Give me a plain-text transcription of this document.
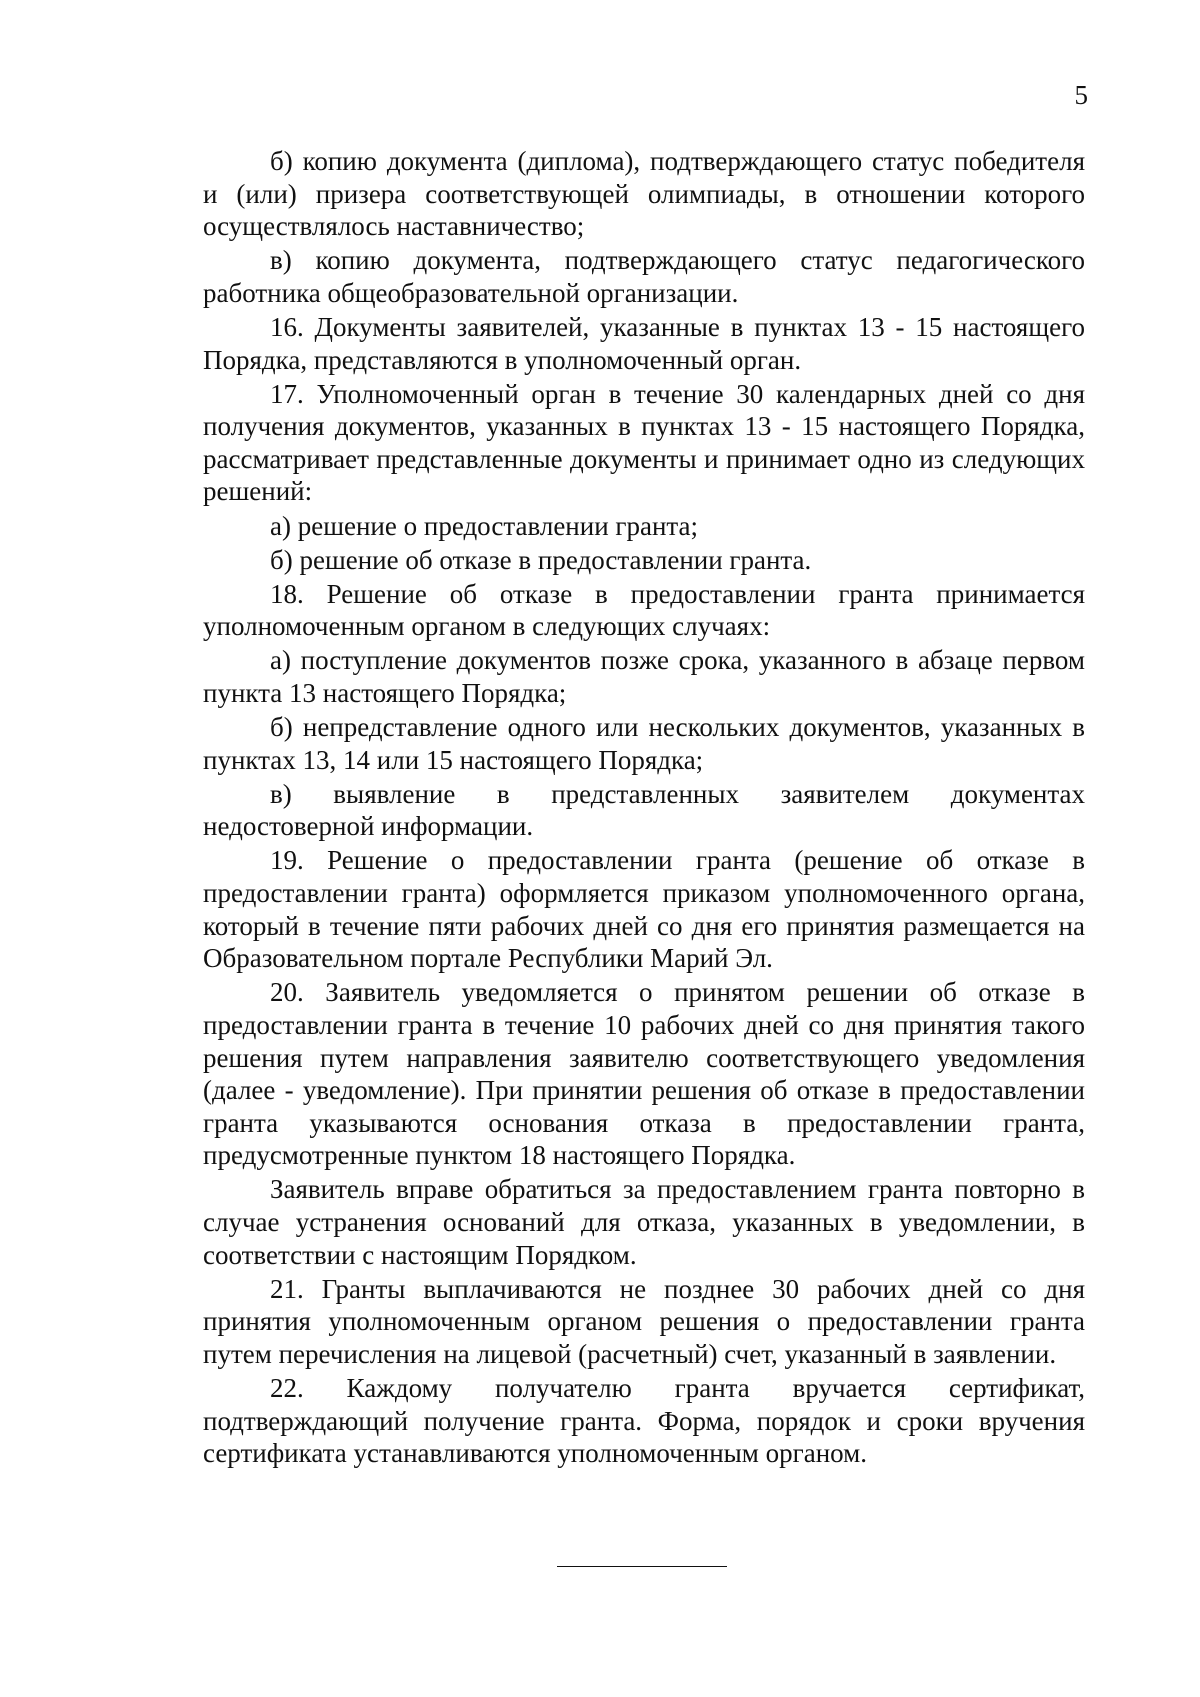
5

б) копию документа (диплома), подтверждающего статус победителя и (или) призера соответствующей олимпиады, в отношении которого осуществлялось наставничество;

в) копию документа, подтверждающего статус педагогического работника общеобразовательной организации.

16. Документы заявителей, указанные в пунктах 13 - 15 настоящего Порядка, представляются в уполномоченный орган.

17. Уполномоченный орган в течение 30 календарных дней со дня получения документов, указанных в пунктах 13 - 15 настоящего Порядка, рассматривает представленные документы и принимает одно из следующих решений:

а) решение о предоставлении гранта;

б) решение об отказе в предоставлении гранта.

18. Решение об отказе в предоставлении гранта принимается уполномоченным органом в следующих случаях:

а) поступление документов позже срока, указанного в абзаце первом пункта 13 настоящего Порядка;

б) непредставление одного или нескольких документов, указанных в пунктах 13, 14 или 15 настоящего Порядка;

в) выявление в представленных заявителем документах недостоверной информации.

19. Решение о предоставлении гранта (решение об отказе в предоставлении гранта) оформляется приказом уполномоченного органа, который в течение пяти рабочих дней со дня его принятия размещается на Образовательном портале Республики Марий Эл.

20. Заявитель уведомляется о принятом решении об отказе в предоставлении гранта в течение 10 рабочих дней со дня принятия такого решения путем направления заявителю соответствующего уведомления (далее - уведомление). При принятии решения об отказе в предоставлении гранта указываются основания отказа в предоставлении гранта, предусмотренные пунктом 18 настоящего Порядка.

Заявитель вправе обратиться за предоставлением гранта повторно в случае устранения оснований для отказа, указанных в уведомлении, в соответствии с настоящим Порядком.

21. Гранты выплачиваются не позднее 30 рабочих дней со дня принятия уполномоченным органом решения о предоставлении гранта путем перечисления на лицевой (расчетный) счет, указанный в заявлении.

22. Каждому получателю гранта вручается сертификат, подтверждающий получение гранта. Форма, порядок и сроки вручения сертификата устанавливаются уполномоченным органом.
